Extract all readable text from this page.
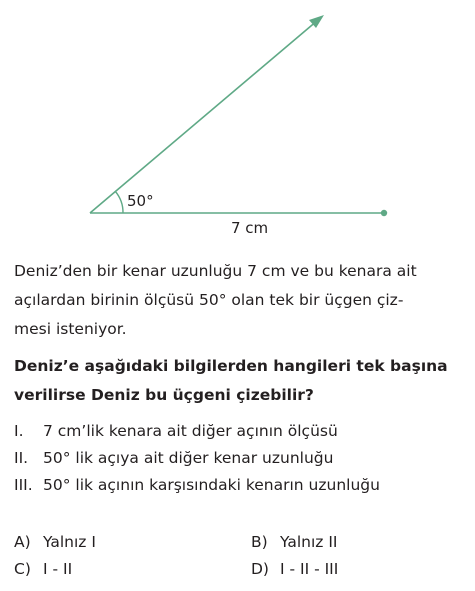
50°
7 cm
Deniz’den bir kenar uzunluğu 7 cm ve bu kenara ait
açılardan birinin ölçüsü 50° olan tek bir üçgen çiz-
mesi isteniyor.
Deniz’e aşağıdaki bilgilerden hangileri tek başına
verilirse Deniz bu üçgeni çizebilir?
I. 7 cm’lik kenara ait diğer açının ölçüsü
II. 50° lik açıya ait diğer kenar uzunluğu
III. 50° lik açının karşısındaki kenarın uzunluğu
A) Yalnız I	B) Yalnız II
C) I - II	D) I - II - III
